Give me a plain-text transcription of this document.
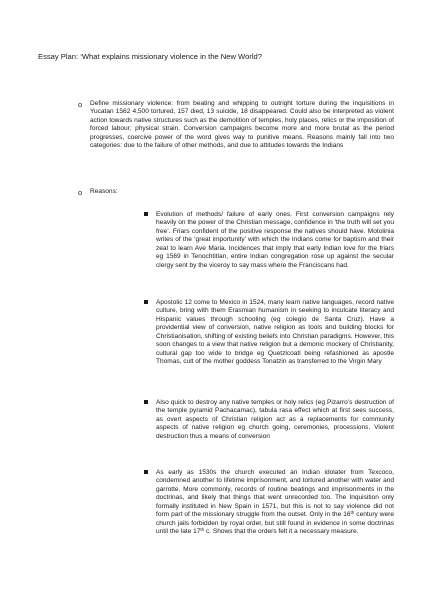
Essay Plan: ‘What explains missionary violence in the New World?
o Define missionary violence: from beating and whipping to outright torture during the inquisitions in Yucatan 1562 4,500 tortured, 157 died, 13 suicide, 18 disappeared. Could also be interpreted as violent action towards native structures such as the demolition of temples, holy places, relics or the imposition of forced labour; physical strain. Conversion campaigns become more and more brutal as the period progresses, coercive power of the word gives way to punitive means. Reasons mainly fall into two categories: due to the failure of other methods, and due to attitudes towards the Indians

o Reasons:

Evolution of methods/ failure of early ones. First conversion campaigns rely heavily on the power of the Christian message, confidence in ‘the truth will set you free’. Friars confident of the positive response the natives should have. Motolinia writes of the ‘great importunity’ with which the Indians come for baptism and their zeal to learn Ave Maria. Incidences that imply that early Indian love for the friars eg 1569 in Tenochtitlan, entire Indian congregation rose up against the secular clergy sent by the viceroy to say mass where the Franciscans had.

Apostolic 12 come to Mexico in 1524, many learn native languages, record native culture, bring with them Erasmian humanism in seeking to inculcate literacy and Hispanic values through schooling (eg colegio de Santa Cruz). Have a providential view of conversion, native religion as tools and building blocks for Christianisation, shifting of existing beliefs into Christian paradigms. However, this soon changes to a view that native religion but a demonic mockery of Christianity, cultural gap too wide to bridge eg Quetzlcoatl being refashioned as apostle Thomas, cult of the mother goddess Tonatzin as transferred to the Virgin Mary

Also quick to destroy any native temples or holy relics (eg Pizarro’s destruction of the temple pyramid Pachacamac), tabula rasa effect which at first sees success, as overt aspects of Christian religion act as a replacements for community aspects of native religion eg church going, ceremonies, processions. Violent destruction thus a means of conversion

As early as 1530s the church executed an Indian idolater from Texcoco, condemned another to lifetime imprisonment, and tortured another with water and garrotte. More commonly, records of routine beatings and imprisonments in the doctrinas, and likely that things that went unrecorded too. The Inquisition only formally instituted in New Spain in 1571, but this is not to say violence did not form part of the missionary struggle from the outset. Only in the 16th century were church jails forbidden by royal order, but still found in evidence in some doctrinas until the late 17th c. Shows that the orders felt it a necessary measure.
